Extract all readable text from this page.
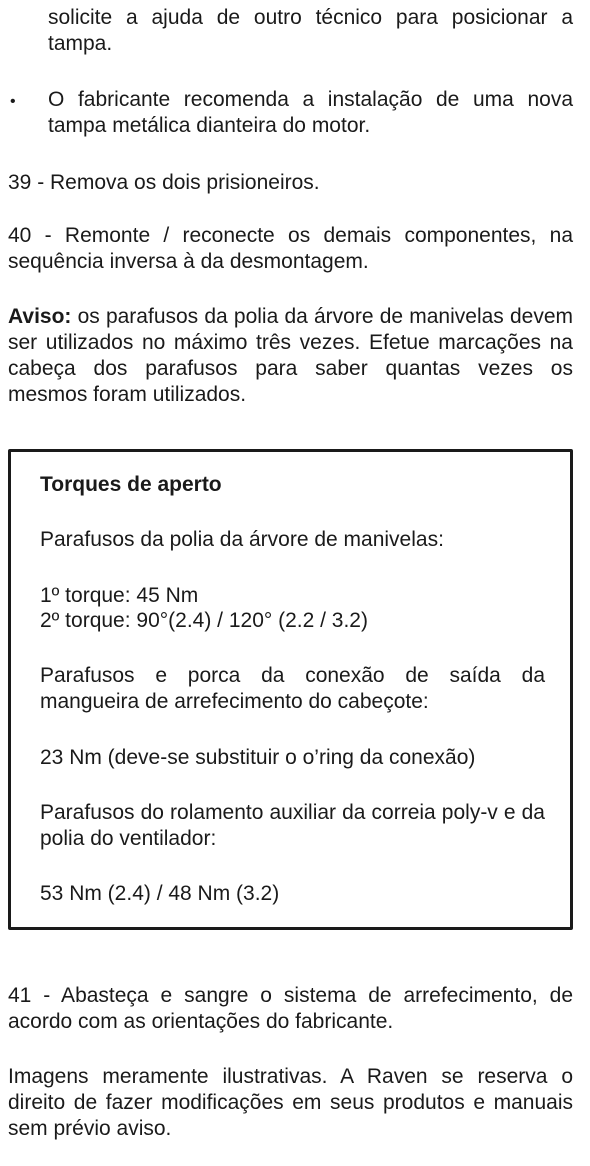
solicite a ajuda de outro técnico para posicionar a tampa.

• O fabricante recomenda a instalação de uma nova tampa metálica dianteira do motor.

39 - Remova os dois prisioneiros.

40 - Remonte / reconecte os demais componentes, na sequência inversa à da desmontagem.

Aviso: os parafusos da polia da árvore de manivelas devem ser utilizados no máximo três vezes. Efetue marcações na cabeça dos parafusos para saber quantas vezes os mesmos foram utilizados.

Torques de aperto

Parafusos da polia da árvore de manivelas:

1º torque: 45 Nm

2º torque: 90°(2.4) / 120° (2.2 / 3.2)

Parafusos e porca da conexão de saída da mangueira de arrefecimento do cabeçote:

23 Nm (deve-se substituir o o’ring da conexão)

Parafusos do rolamento auxiliar da correia poly-v e da polia do ventilador:

53 Nm (2.4) / 48 Nm (3.2)

41 - Abasteça e sangre o sistema de arrefecimento, de acordo com as orientações do fabricante.

Imagens meramente ilustrativas. A Raven se reserva o direito de fazer modificações em seus produtos e manuais sem prévio aviso.
